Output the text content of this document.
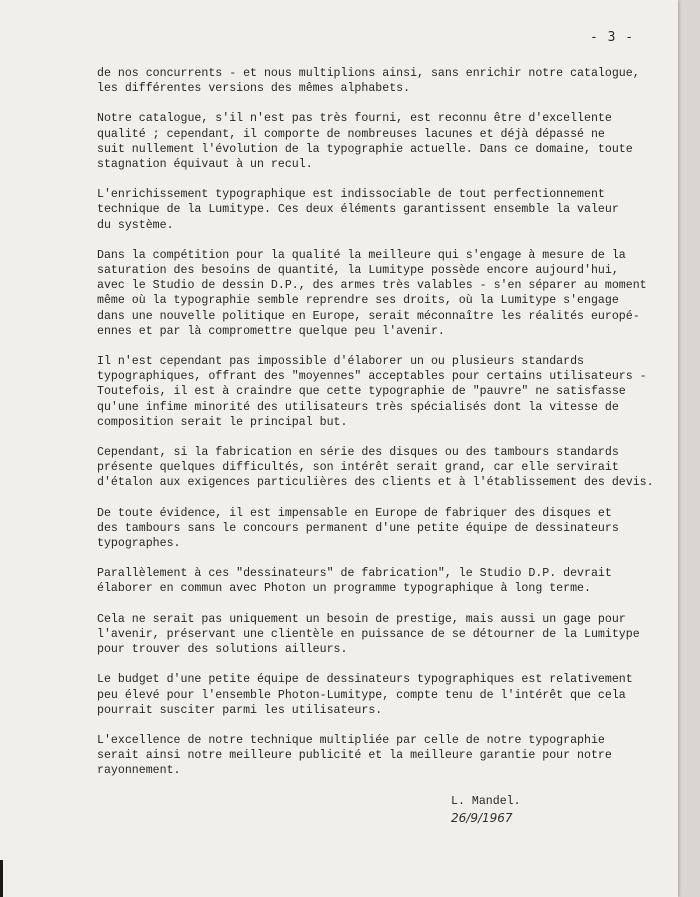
- 3 -

de nos concurrents - et nous multiplions ainsi, sans enrichir notre catalogue,
les différentes versions des mêmes alphabets.

Notre catalogue, s'il n'est pas très fourni, est reconnu être d'excellente
qualité ; cependant, il comporte de nombreuses lacunes et déjà dépassé ne
suit nullement l'évolution de la typographie actuelle. Dans ce domaine, toute
stagnation équivaut à un recul.

L'enrichissement typographique est indissociable de tout perfectionnement
technique de la Lumitype. Ces deux éléments garantissent ensemble la valeur
du système.

Dans la compétition pour la qualité la meilleure qui s'engage à mesure de la
saturation des besoins de quantité, la Lumitype possède encore aujourd'hui,
avec le Studio de dessin D.P., des armes très valables - s'en séparer au moment
même où la typographie semble reprendre ses droits, où la Lumitype s'engage
dans une nouvelle politique en Europe, serait méconnaître les réalités europé-
ennes et par là compromettre quelque peu l'avenir.

Il n'est cependant pas impossible d'élaborer un ou plusieurs standards
typographiques, offrant des "moyennes" acceptables pour certains utilisateurs -
Toutefois, il est à craindre que cette typographie de "pauvre" ne satisfasse
qu'une infime minorité des utilisateurs très spécialisés dont la vitesse de
composition serait le principal but.

Cependant, si la fabrication en série des disques ou des tambours standards
présente quelques difficultés, son intérêt serait grand, car elle servirait
d'étalon aux exigences particulières des clients et à l'établissement des devis.

De toute évidence, il est impensable en Europe de fabriquer des disques et
des tambours sans le concours permanent d'une petite équipe de dessinateurs
typographes.

Parallèlement à ces "dessinateurs" de fabrication", le Studio D.P. devrait
élaborer en commun avec Photon un programme typographique à long terme.

Cela ne serait pas uniquement un besoin de prestige, mais aussi un gage pour
l'avenir, préservant une clientèle en puissance de se détourner de la Lumitype
pour trouver des solutions ailleurs.

Le budget d'une petite équipe de dessinateurs typographiques est relativement
peu élevé pour l'ensemble Photon-Lumitype, compte tenu de l'intérêt que cela
pourrait susciter parmi les utilisateurs.

L'excellence de notre technique multipliée par celle de notre typographie
serait ainsi notre meilleure publicité et la meilleure garantie pour notre
rayonnement.

L. Mandel.
26/9/1967
